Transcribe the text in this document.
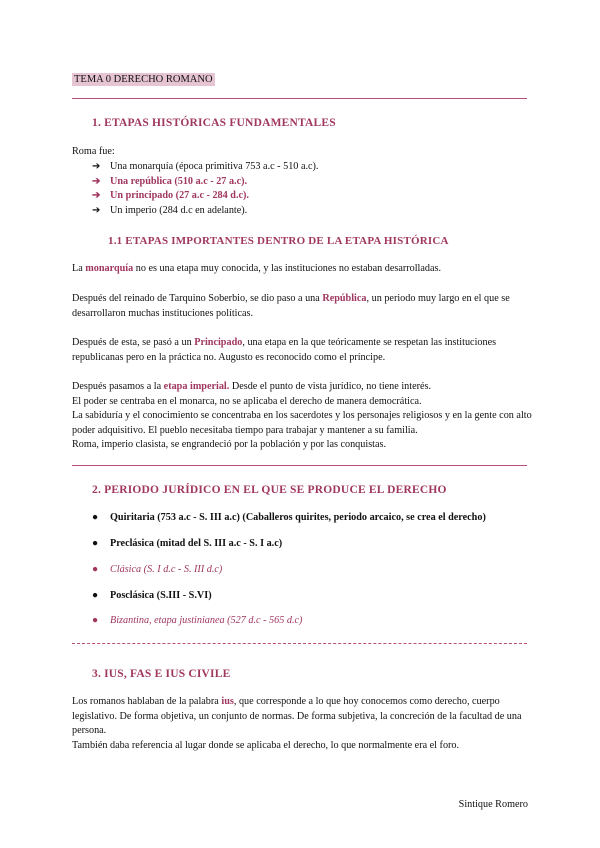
TEMA 0 DERECHO ROMANO
1. ETAPAS HISTÓRICAS FUNDAMENTALES
Roma fue:
➔ Una monarquía (época primitiva 753 a.c - 510 a.c).
➔ Una república (510 a.c - 27 a.c).
➔ Un principado (27 a.c - 284 d.c).
➔ Un imperio (284 d.c en adelante).
1.1 ETAPAS IMPORTANTES DENTRO DE LA ETAPA HISTÓRICA
La monarquía no es una etapa muy conocida, y las instituciones no estaban desarrolladas.
Después del reinado de Tarquino Soberbio, se dio paso a una República, un periodo muy largo en el que se desarrollaron muchas instituciones políticas.
Después de esta, se pasó a un Principado, una etapa en la que teóricamente se respetan las instituciones republicanas pero en la práctica no. Augusto es reconocido como el príncipe.
Después pasamos a la etapa imperial. Desde el punto de vista jurídico, no tiene interés.
El poder se centraba en el monarca, no se aplicaba el derecho de manera democrática.
La sabiduría y el conocimiento se concentraba en los sacerdotes y los personajes religiosos y en la gente con alto poder adquisitivo. El pueblo necesitaba tiempo para trabajar y mantener a su familia.
Roma, imperio clasista, se engrandeció por la población y por las conquistas.
2. PERIODO JURÍDICO EN EL QUE SE PRODUCE EL DERECHO
● Quiritaria (753 a.c - S. III a.c) (Caballeros quirites, periodo arcaico, se crea el derecho)
● Preclásica (mitad del S. III a.c - S. I a.c)
● Clásica (S. I d.c - S. III d.c)
● Posclásica (S.III - S.VI)
● Bizantina, etapa justinianea (527 d.c - 565 d.c)
3. IUS, FAS E IUS CIVILE
Los romanos hablaban de la palabra ius, que corresponde a lo que hoy conocemos como derecho, cuerpo legislativo. De forma objetiva, un conjunto de normas. De forma subjetiva, la concreción de la facultad de una persona.
También daba referencia al lugar donde se aplicaba el derecho, lo que normalmente era el foro.
Sintique Romero
